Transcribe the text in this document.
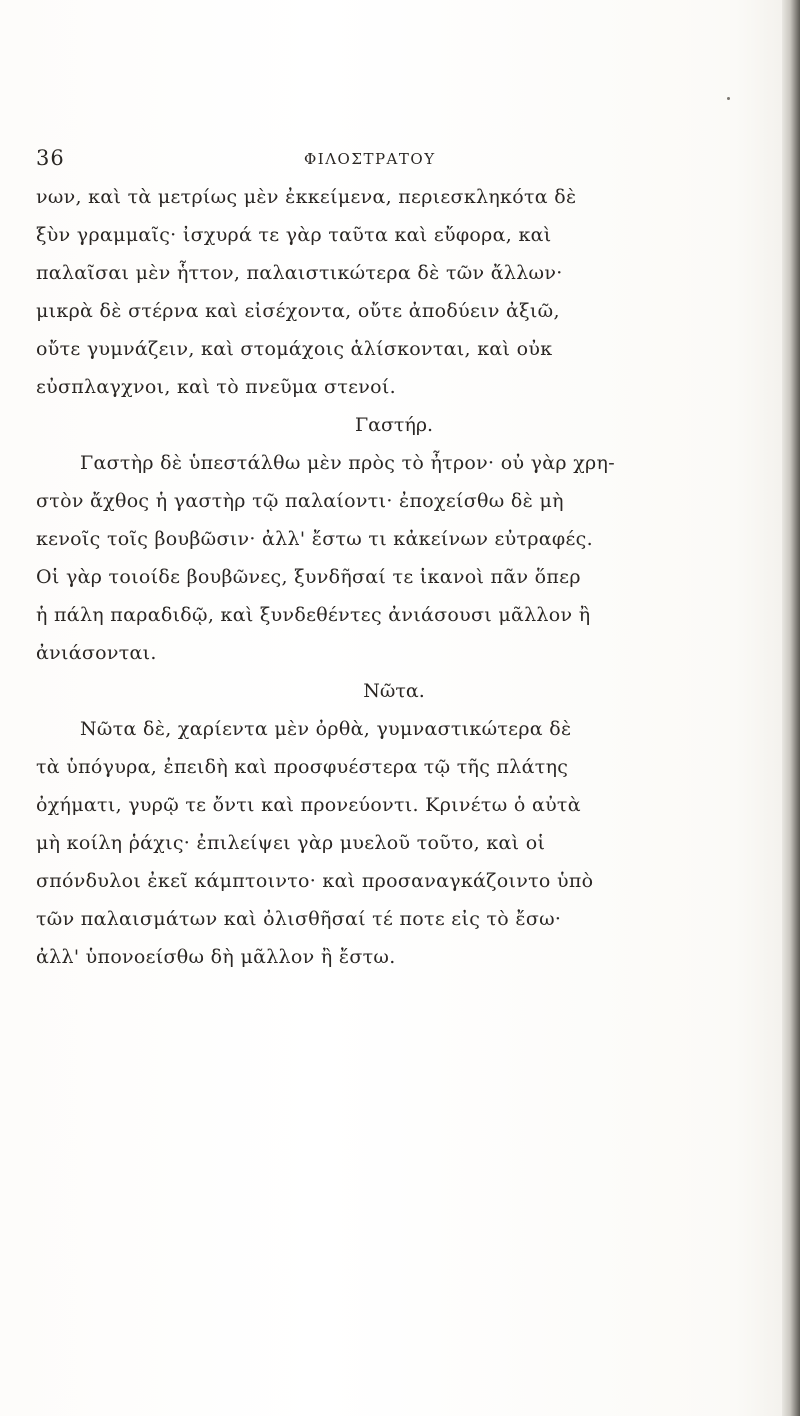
36	ΦΙΛΟΣΤΡΑΤΟΥ
νων, καὶ τὰ μετρίως μὲν ἐκκείμενα, περιεσκληκότα δὲ
ξὺν γραμμαῖς· ἰσχυρά τε γὰρ ταῦτα καὶ εὔφορα, καὶ
παλαῖσαι μὲν ἧττον, παλαιστικώτερα δὲ τῶν ἄλλων·
μικρὰ δὲ στέρνα καὶ εἰσέχοντα, οὔτε ἀποδύειν ἀξιῶ,
οὔτε γυμνάζειν, καὶ στομάχοις ἁλίσκονται, καὶ οὐκ
εὐσπλαγχνοι, καὶ τὸ πνεῦμα στενοί.
Γαστήρ.
Γαστὴρ δὲ ὑπεστάλθω μὲν πρὸς τὸ ἦτρον· οὐ γὰρ χρη-
στὸν ἄχθος ἡ γαστὴρ τῷ παλαίοντι· ἐποχείσθω δὲ μὴ
κενοῖς τοῖς βουβῶσιν· ἀλλ' ἔστω τι κἀκείνων εὐτραφές.
Οἱ γὰρ τοιοίδε βουβῶνες, ξυνδῆσαί τε ἱκανοὶ πᾶν ὅπερ
ἡ πάλη παραδιδῷ, καὶ ξυνδεθέντες ἀνιάσουσι μᾶλλον ἢ
ἀνιάσονται.
Νῶτα.
Νῶτα δὲ, χαρίεντα μὲν ὀρθὰ, γυμναστικώτερα δὲ
τὰ ὑπόγυρα, ἐπειδὴ καὶ προσφυέστερα τῷ τῆς πλάτης
ὀχήματι, γυρῷ τε ὄντι καὶ πρoνεύοντι. Κρινέτω ὁ αὐτὰ
μὴ κοίλη ῥάχις· ἐπιλείψει γὰρ μυελοῦ τοῦτο, καὶ οἱ
σπόνδυλοι ἐκεῖ κάμπτοιντο· καὶ προσαναγκάζοιντο ὑπὸ
τῶν παλαισμάτων καὶ ὀλισθῆσαί τέ ποτε εἰς τὸ ἔσω·
ἀλλ' ὑπονοείσθω δὴ μᾶλλον ἢ ἔστω.
